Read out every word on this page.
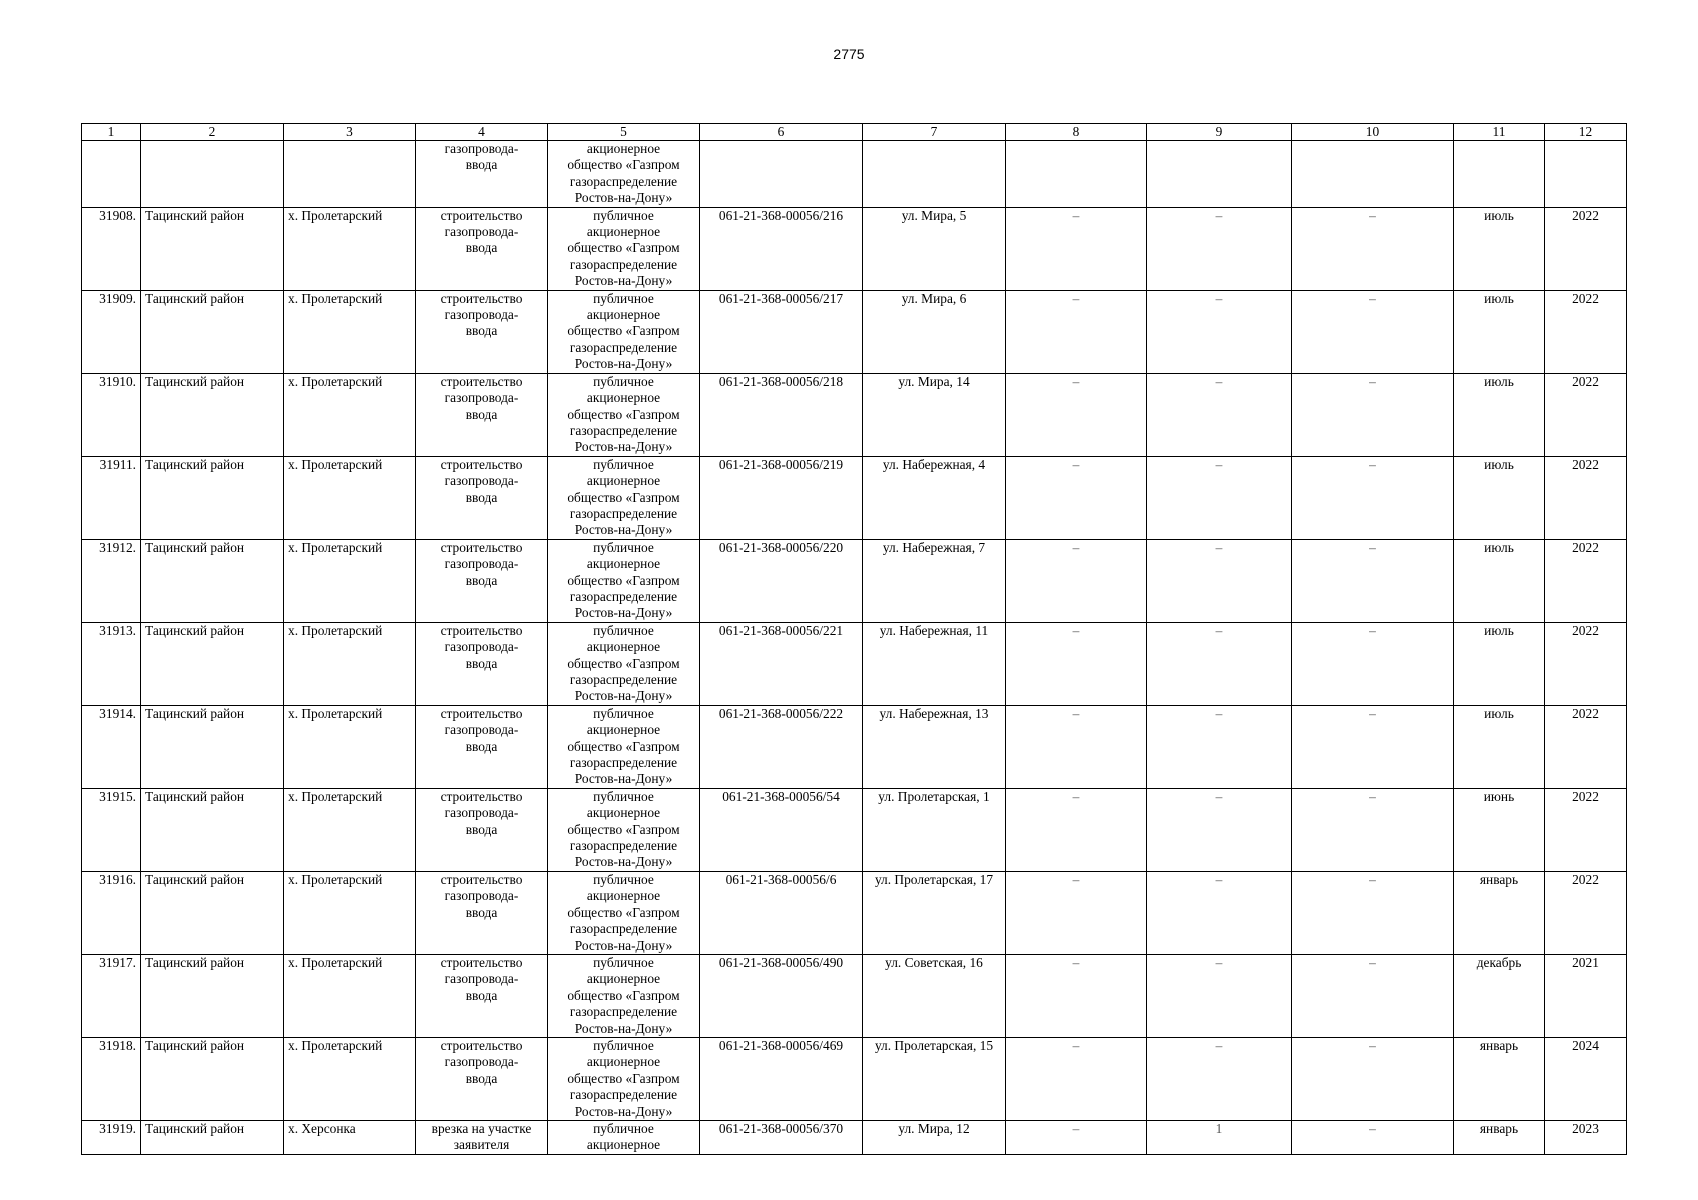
2775
1	2	3	4	5	6	7	8	9	10	11	12
			газопровода-
ввода	акционерное
общество «Газпром
газораспределение
Ростов-на-Дону»							
31908.	Тацинский район	х. Пролетарский	строительство
газопровода-
ввода	публичное
акционерное
общество «Газпром
газораспределение
Ростов-на-Дону»	061-21-368-00056/216	ул. Мира, 5	–	–	–	июль	2022
31909.	Тацинский район	х. Пролетарский	строительство
газопровода-
ввода	публичное
акционерное
общество «Газпром
газораспределение
Ростов-на-Дону»	061-21-368-00056/217	ул. Мира, 6	–	–	–	июль	2022
31910.	Тацинский район	х. Пролетарский	строительство
газопровода-
ввода	публичное
акционерное
общество «Газпром
газораспределение
Ростов-на-Дону»	061-21-368-00056/218	ул. Мира, 14	–	–	–	июль	2022
31911.	Тацинский район	х. Пролетарский	строительство
газопровода-
ввода	публичное
акционерное
общество «Газпром
газораспределение
Ростов-на-Дону»	061-21-368-00056/219	ул. Набережная, 4	–	–	–	июль	2022
31912.	Тацинский район	х. Пролетарский	строительство
газопровода-
ввода	публичное
акционерное
общество «Газпром
газораспределение
Ростов-на-Дону»	061-21-368-00056/220	ул. Набережная, 7	–	–	–	июль	2022
31913.	Тацинский район	х. Пролетарский	строительство
газопровода-
ввода	публичное
акционерное
общество «Газпром
газораспределение
Ростов-на-Дону»	061-21-368-00056/221	ул. Набережная, 11	–	–	–	июль	2022
31914.	Тацинский район	х. Пролетарский	строительство
газопровода-
ввода	публичное
акционерное
общество «Газпром
газораспределение
Ростов-на-Дону»	061-21-368-00056/222	ул. Набережная, 13	–	–	–	июль	2022
31915.	Тацинский район	х. Пролетарский	строительство
газопровода-
ввода	публичное
акционерное
общество «Газпром
газораспределение
Ростов-на-Дону»	061-21-368-00056/54	ул. Пролетарская, 1	–	–	–	июнь	2022
31916.	Тацинский район	х. Пролетарский	строительство
газопровода-
ввода	публичное
акционерное
общество «Газпром
газораспределение
Ростов-на-Дону»	061-21-368-00056/6	ул. Пролетарская, 17	–	–	–	январь	2022
31917.	Тацинский район	х. Пролетарский	строительство
газопровода-
ввода	публичное
акционерное
общество «Газпром
газораспределение
Ростов-на-Дону»	061-21-368-00056/490	ул. Советская, 16	–	–	–	декабрь	2021
31918.	Тацинский район	х. Пролетарский	строительство
газопровода-
ввода	публичное
акционерное
общество «Газпром
газораспределение
Ростов-на-Дону»	061-21-368-00056/469	ул. Пролетарская, 15	–	–	–	январь	2024
31919.	Тацинский район	х. Херсонка	врезка на участке
заявителя	публичное
акционерное	061-21-368-00056/370	ул. Мира, 12	–	1	–	январь	2023
